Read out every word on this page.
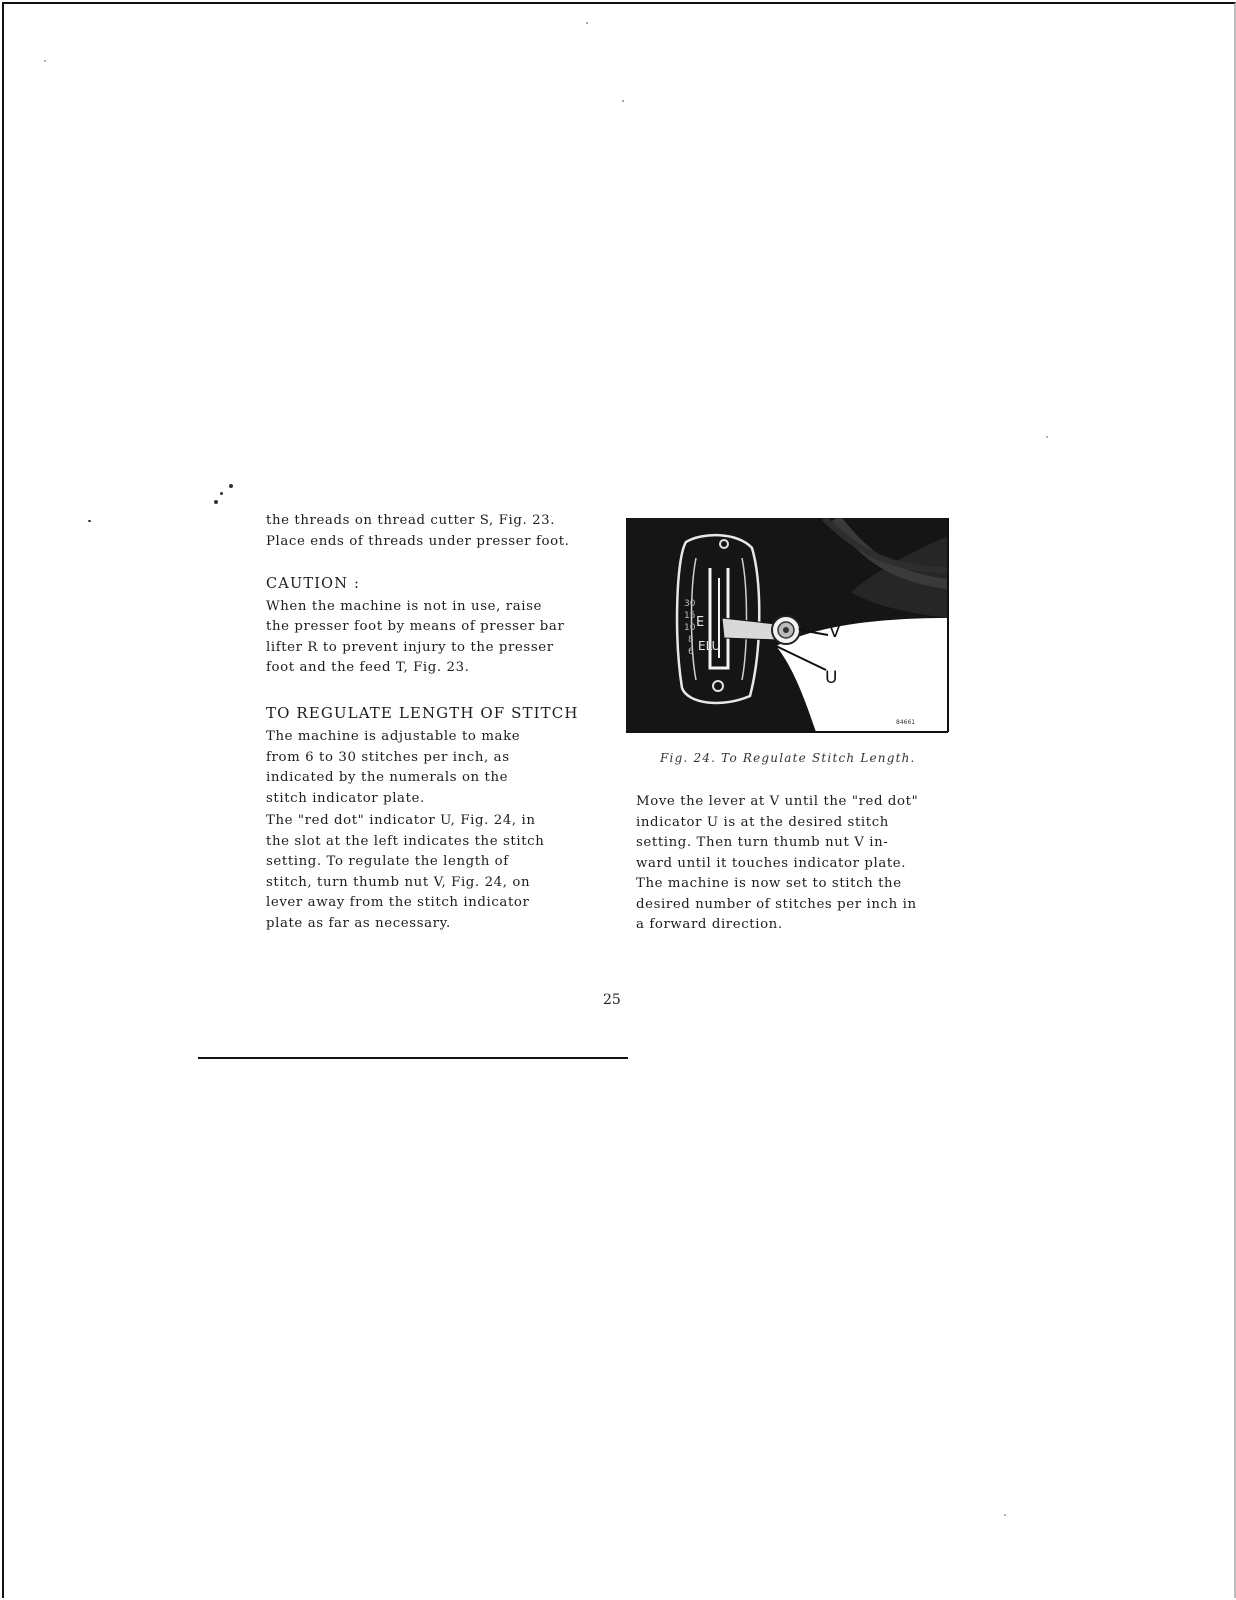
the threads on thread cutter S, Fig. 23.
Place ends of threads under presser foot.

CAUTION :

When the machine is not in use, raise
the presser foot by means of presser bar
lifter R to prevent injury to the presser
foot and the feed T, Fig. 23.

TO REGULATE LENGTH OF STITCH

The machine is adjustable to make
from 6 to 30 stitches per inch, as
indicated by the numerals on the
stitch indicator plate.

The "red dot" indicator U, Fig. 24, in
the slot at the left indicates the stitch
setting. To regulate the length of
stitch, turn thumb nut V, Fig. 24, on
lever away from the stitch indicator
plate as far as necessary.

E
ELU
30
15
10
8
6
84661
V
U
Fig. 24. To Regulate Stitch Length.

Move the lever at V until the "red dot"
indicator U is at the desired stitch
setting. Then turn thumb nut V in-
ward until it touches indicator plate.
The machine is now set to stitch the
desired number of stitches per inch in
a forward direction.

25
